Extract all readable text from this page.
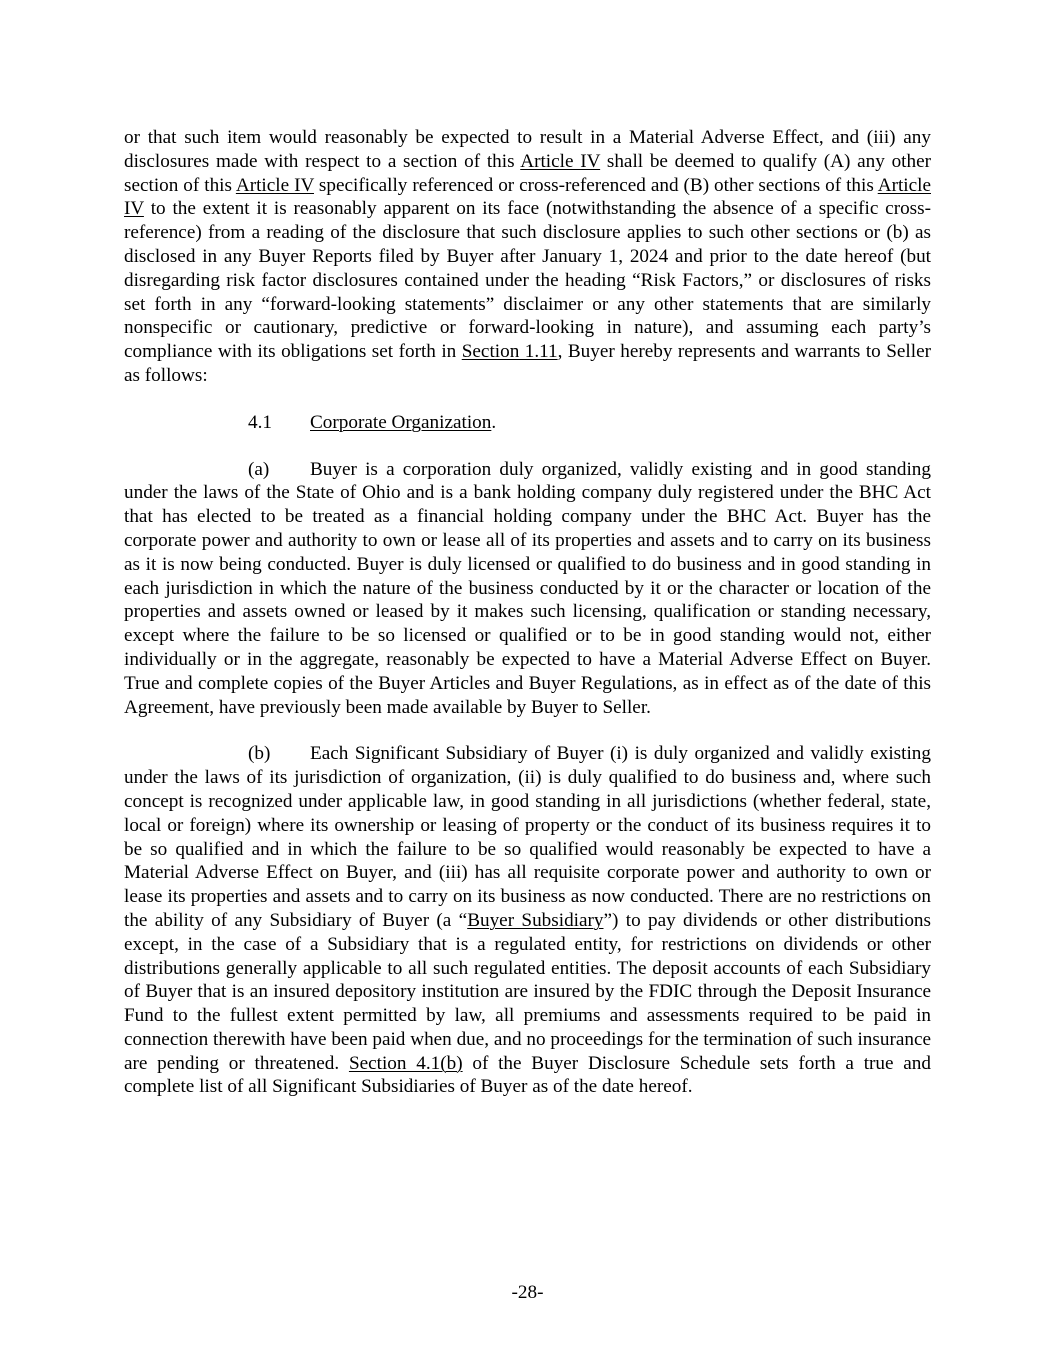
or that such item would reasonably be expected to result in a Material Adverse Effect, and (iii) any disclosures made with respect to a section of this Article IV shall be deemed to qualify (A) any other section of this Article IV specifically referenced or cross-referenced and (B) other sections of this Article IV to the extent it is reasonably apparent on its face (notwithstanding the absence of a specific cross-reference) from a reading of the disclosure that such disclosure applies to such other sections or (b) as disclosed in any Buyer Reports filed by Buyer after January 1, 2024 and prior to the date hereof (but disregarding risk factor disclosures contained under the heading “Risk Factors,” or disclosures of risks set forth in any “forward-looking statements” disclaimer or any other statements that are similarly nonspecific or cautionary, predictive or forward-looking in nature), and assuming each party’s compliance with its obligations set forth in Section 1.11, Buyer hereby represents and warrants to Seller as follows:

4.1 Corporate Organization.

(a) Buyer is a corporation duly organized, validly existing and in good standing under the laws of the State of Ohio and is a bank holding company duly registered under the BHC Act that has elected to be treated as a financial holding company under the BHC Act. Buyer has the corporate power and authority to own or lease all of its properties and assets and to carry on its business as it is now being conducted. Buyer is duly licensed or qualified to do business and in good standing in each jurisdiction in which the nature of the business conducted by it or the character or location of the properties and assets owned or leased by it makes such licensing, qualification or standing necessary, except where the failure to be so licensed or qualified or to be in good standing would not, either individually or in the aggregate, reasonably be expected to have a Material Adverse Effect on Buyer. True and complete copies of the Buyer Articles and Buyer Regulations, as in effect as of the date of this Agreement, have previously been made available by Buyer to Seller.

(b) Each Significant Subsidiary of Buyer (i) is duly organized and validly existing under the laws of its jurisdiction of organization, (ii) is duly qualified to do business and, where such concept is recognized under applicable law, in good standing in all jurisdictions (whether federal, state, local or foreign) where its ownership or leasing of property or the conduct of its business requires it to be so qualified and in which the failure to be so qualified would reasonably be expected to have a Material Adverse Effect on Buyer, and (iii) has all requisite corporate power and authority to own or lease its properties and assets and to carry on its business as now conducted. There are no restrictions on the ability of any Subsidiary of Buyer (a “Buyer Subsidiary”) to pay dividends or other distributions except, in the case of a Subsidiary that is a regulated entity, for restrictions on dividends or other distributions generally applicable to all such regulated entities. The deposit accounts of each Subsidiary of Buyer that is an insured depository institution are insured by the FDIC through the Deposit Insurance Fund to the fullest extent permitted by law, all premiums and assessments required to be paid in connection therewith have been paid when due, and no proceedings for the termination of such insurance are pending or threatened. Section 4.1(b) of the Buyer Disclosure Schedule sets forth a true and complete list of all Significant Subsidiaries of Buyer as of the date hereof.

-28-
